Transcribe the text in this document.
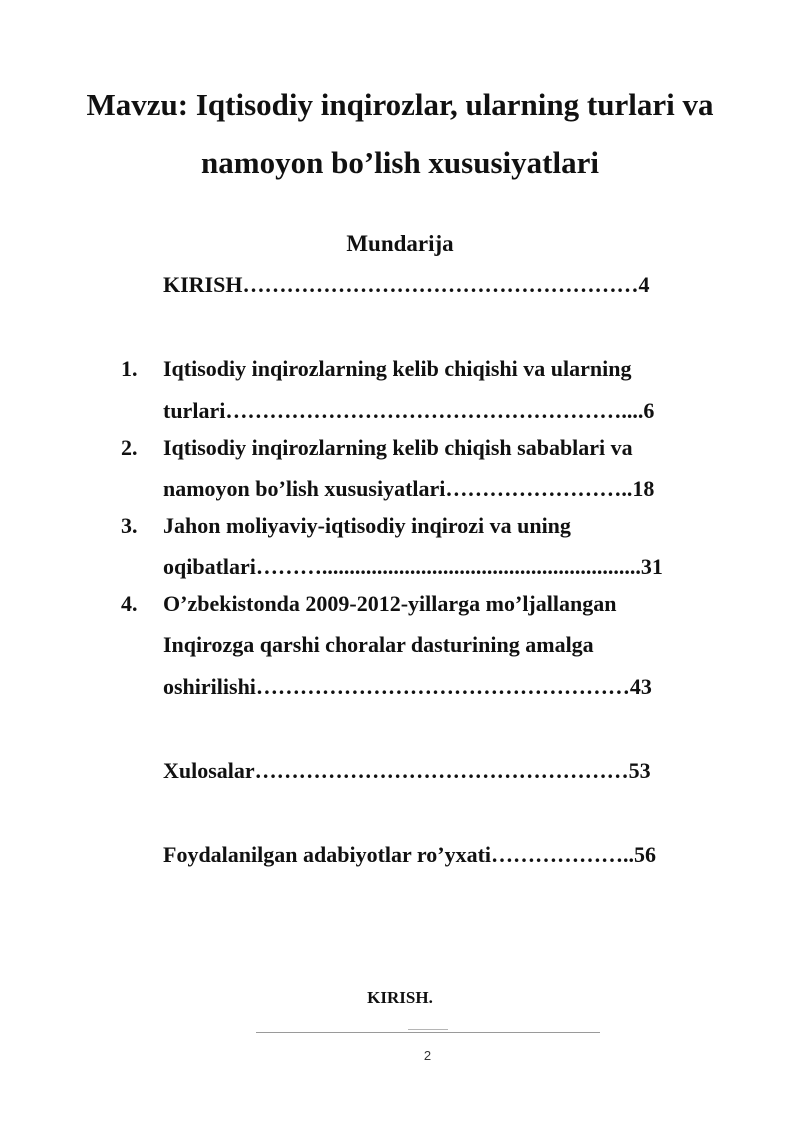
Mavzu: Iqtisodiy inqirozlar, ularning turlari va
namoyon bo’lish xususiyatlari
Mundarija
KIRISH………………………………………………4
1. Iqtisodiy inqirozlarning kelib chiqishi va ularning
turlari………………………………………………....6
2. Iqtisodiy inqirozlarning kelib chiqish sabablari va
namoyon bo’lish xususiyatlari……………………..18
3. Jahon moliyaviy-iqtisodiy inqirozi va uning
oqibatlari………..........................................................31
4. O’zbekistonda 2009-2012-yillarga mo’ljallangan
Inqirozga qarshi choralar dasturining amalga
oshirilishi……………………………………………43
Xulosalar……………………………………………53
Foydalanilgan adabiyotlar ro’yxati………………..56
KIRISH.
2
